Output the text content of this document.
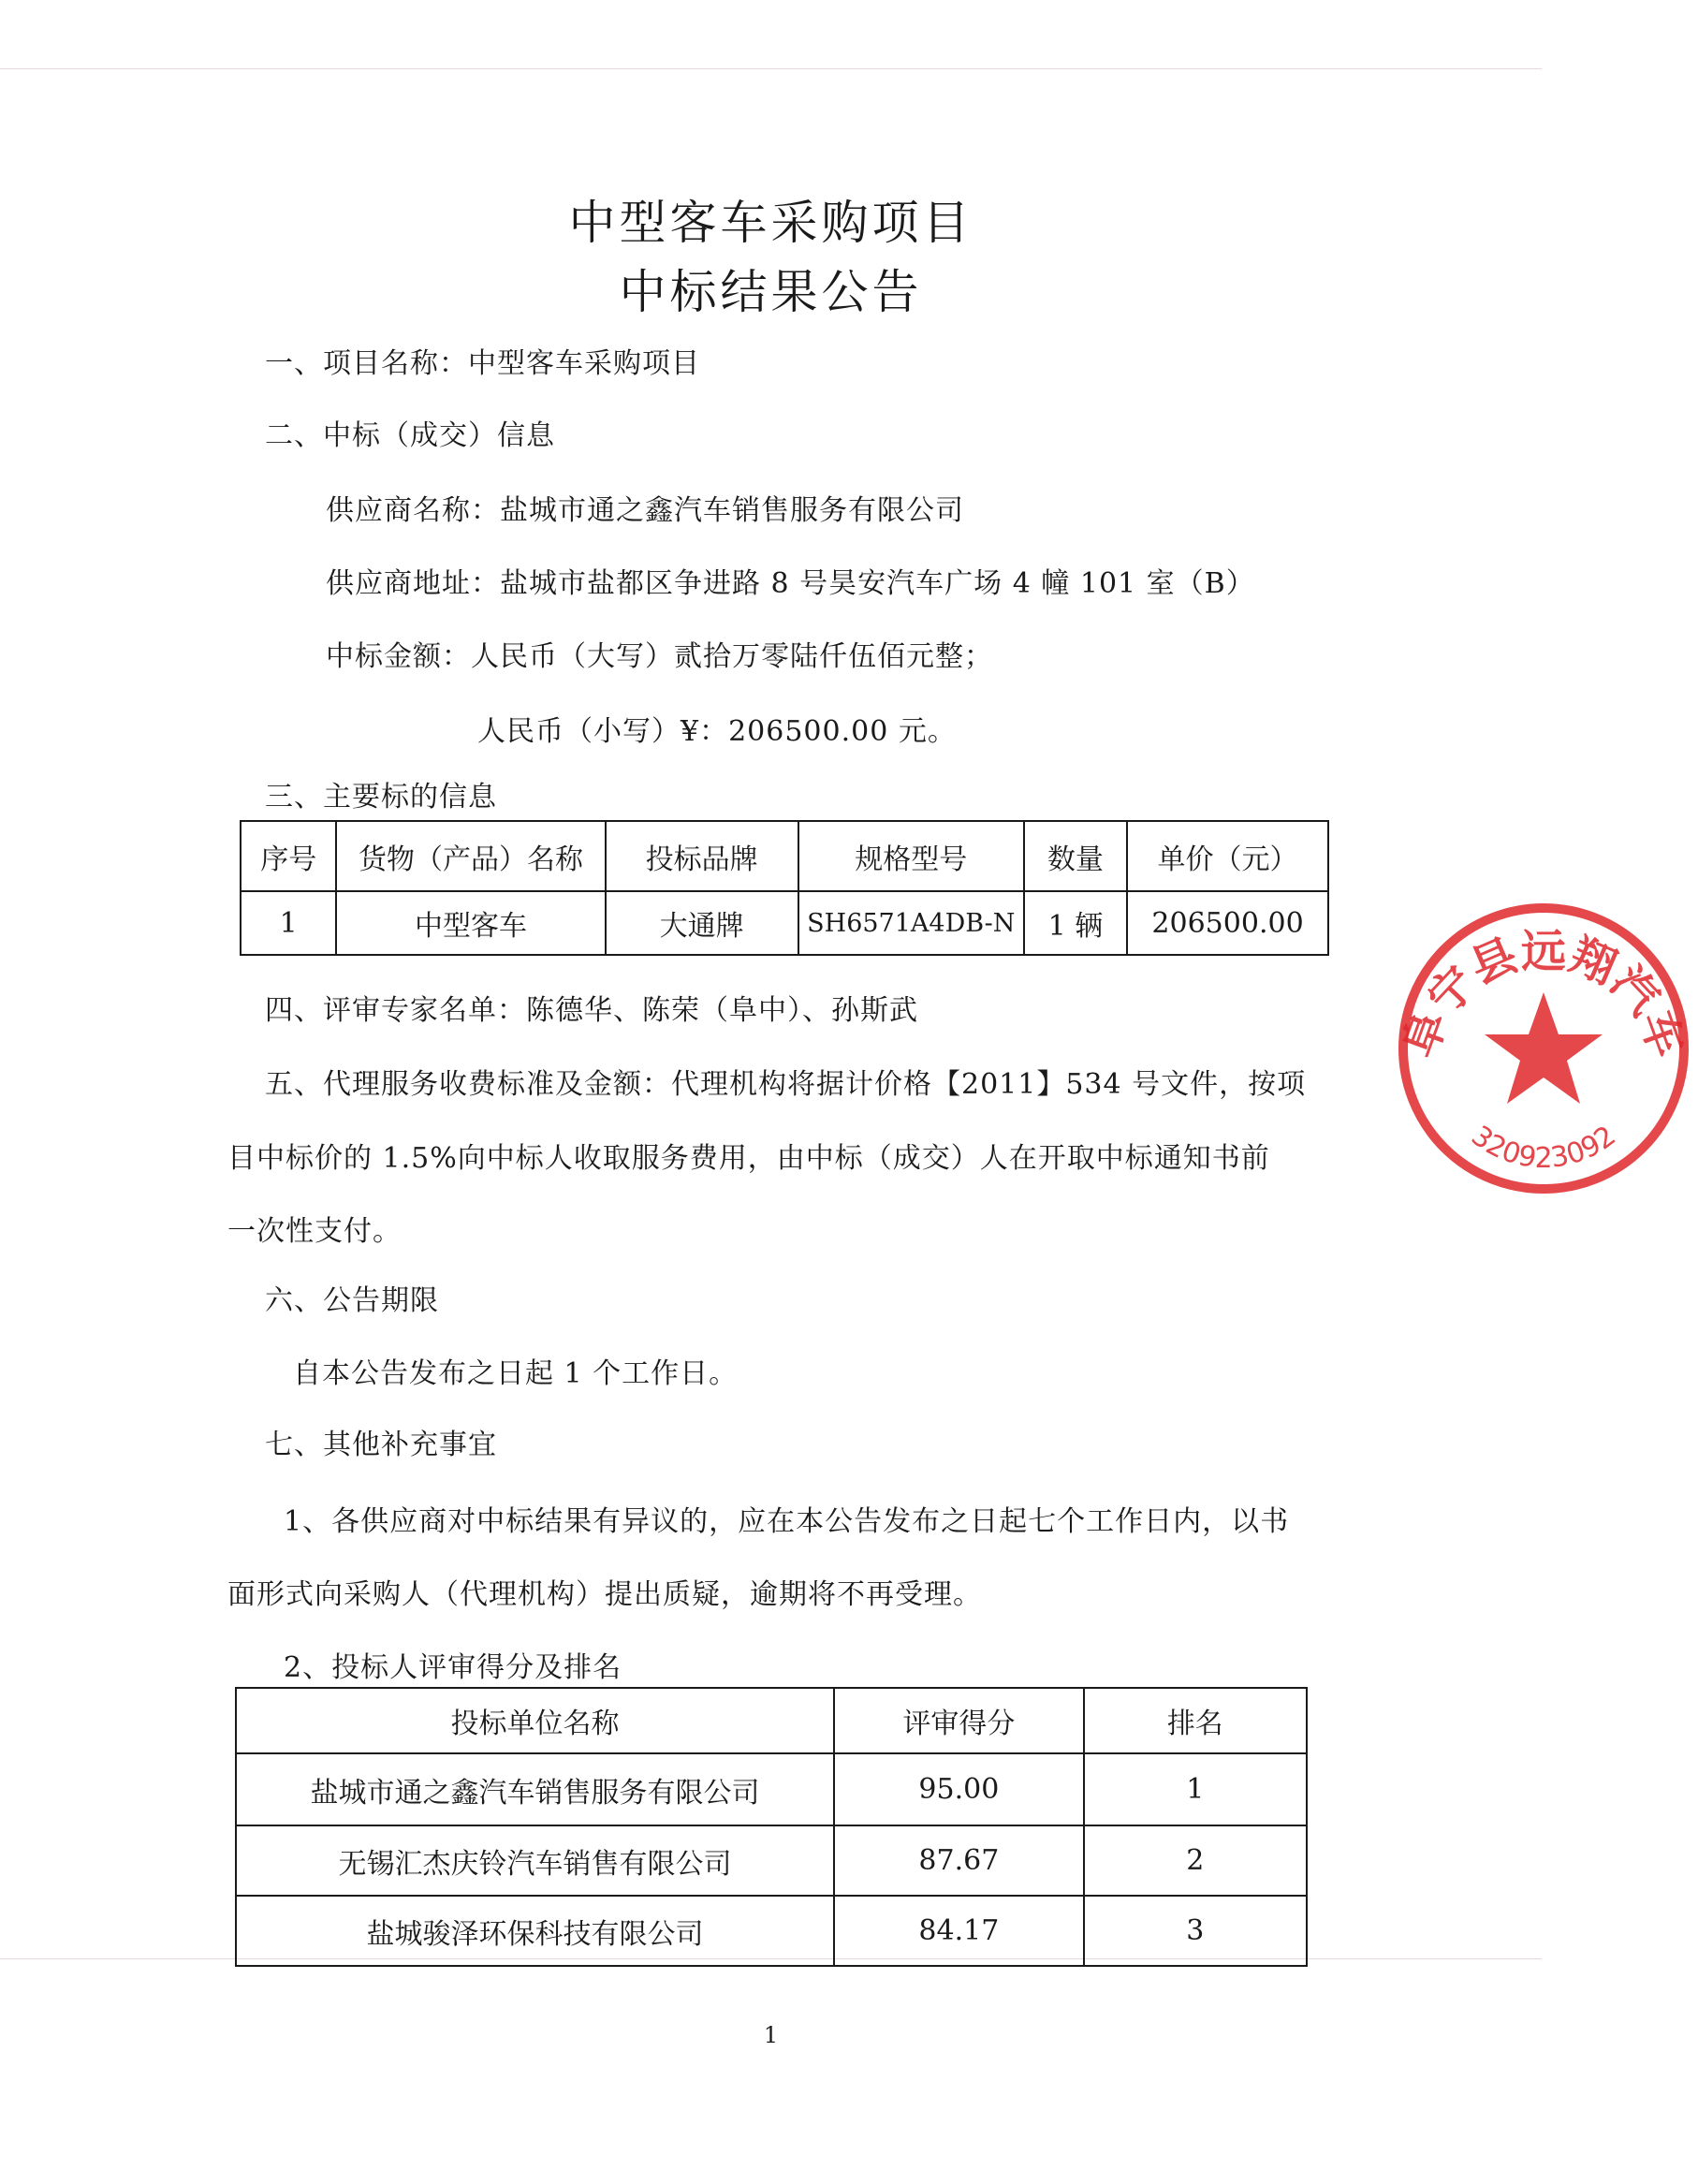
中型客车采购项目
中标结果公告
一、项目名称：中型客车采购项目
二、中标（成交）信息
供应商名称：盐城市通之鑫汽车销售服务有限公司
供应商地址：盐城市盐都区争进路 8 号昊安汽车广场 4 幢 101 室（B）
中标金额：人民币（大写）贰拾万零陆仟伍佰元整；
人民币（小写）¥：206500.00 元。
三、主要标的信息
序号	货物（产品）名称	投标品牌	规格型号	数量	单价（元）
1	中型客车	大通牌	SH6571A4DB-N	1 辆	206500.00
四、评审专家名单：陈德华、陈荣（阜中）、孙斯武
五、代理服务收费标准及金额：代理机构将据计价格【2011】534 号文件，按项
目中标价的 1.5%向中标人收取服务费用，由中标（成交）人在开取中标通知书前
一次性支付。
六、公告期限
自本公告发布之日起 1 个工作日。
七、其他补充事宜
1、各供应商对中标结果有异议的，应在本公告发布之日起七个工作日内，以书
面形式向采购人（代理机构）提出质疑，逾期将不再受理。
2、投标人评审得分及排名
投标单位名称	评审得分	排名
盐城市通之鑫汽车销售服务有限公司	95.00	1
无锡汇杰庆铃汽车销售有限公司	87.67	2
盐城骏泽环保科技有限公司	84.17	3
阜宁县远翔汽车
320923092
1
